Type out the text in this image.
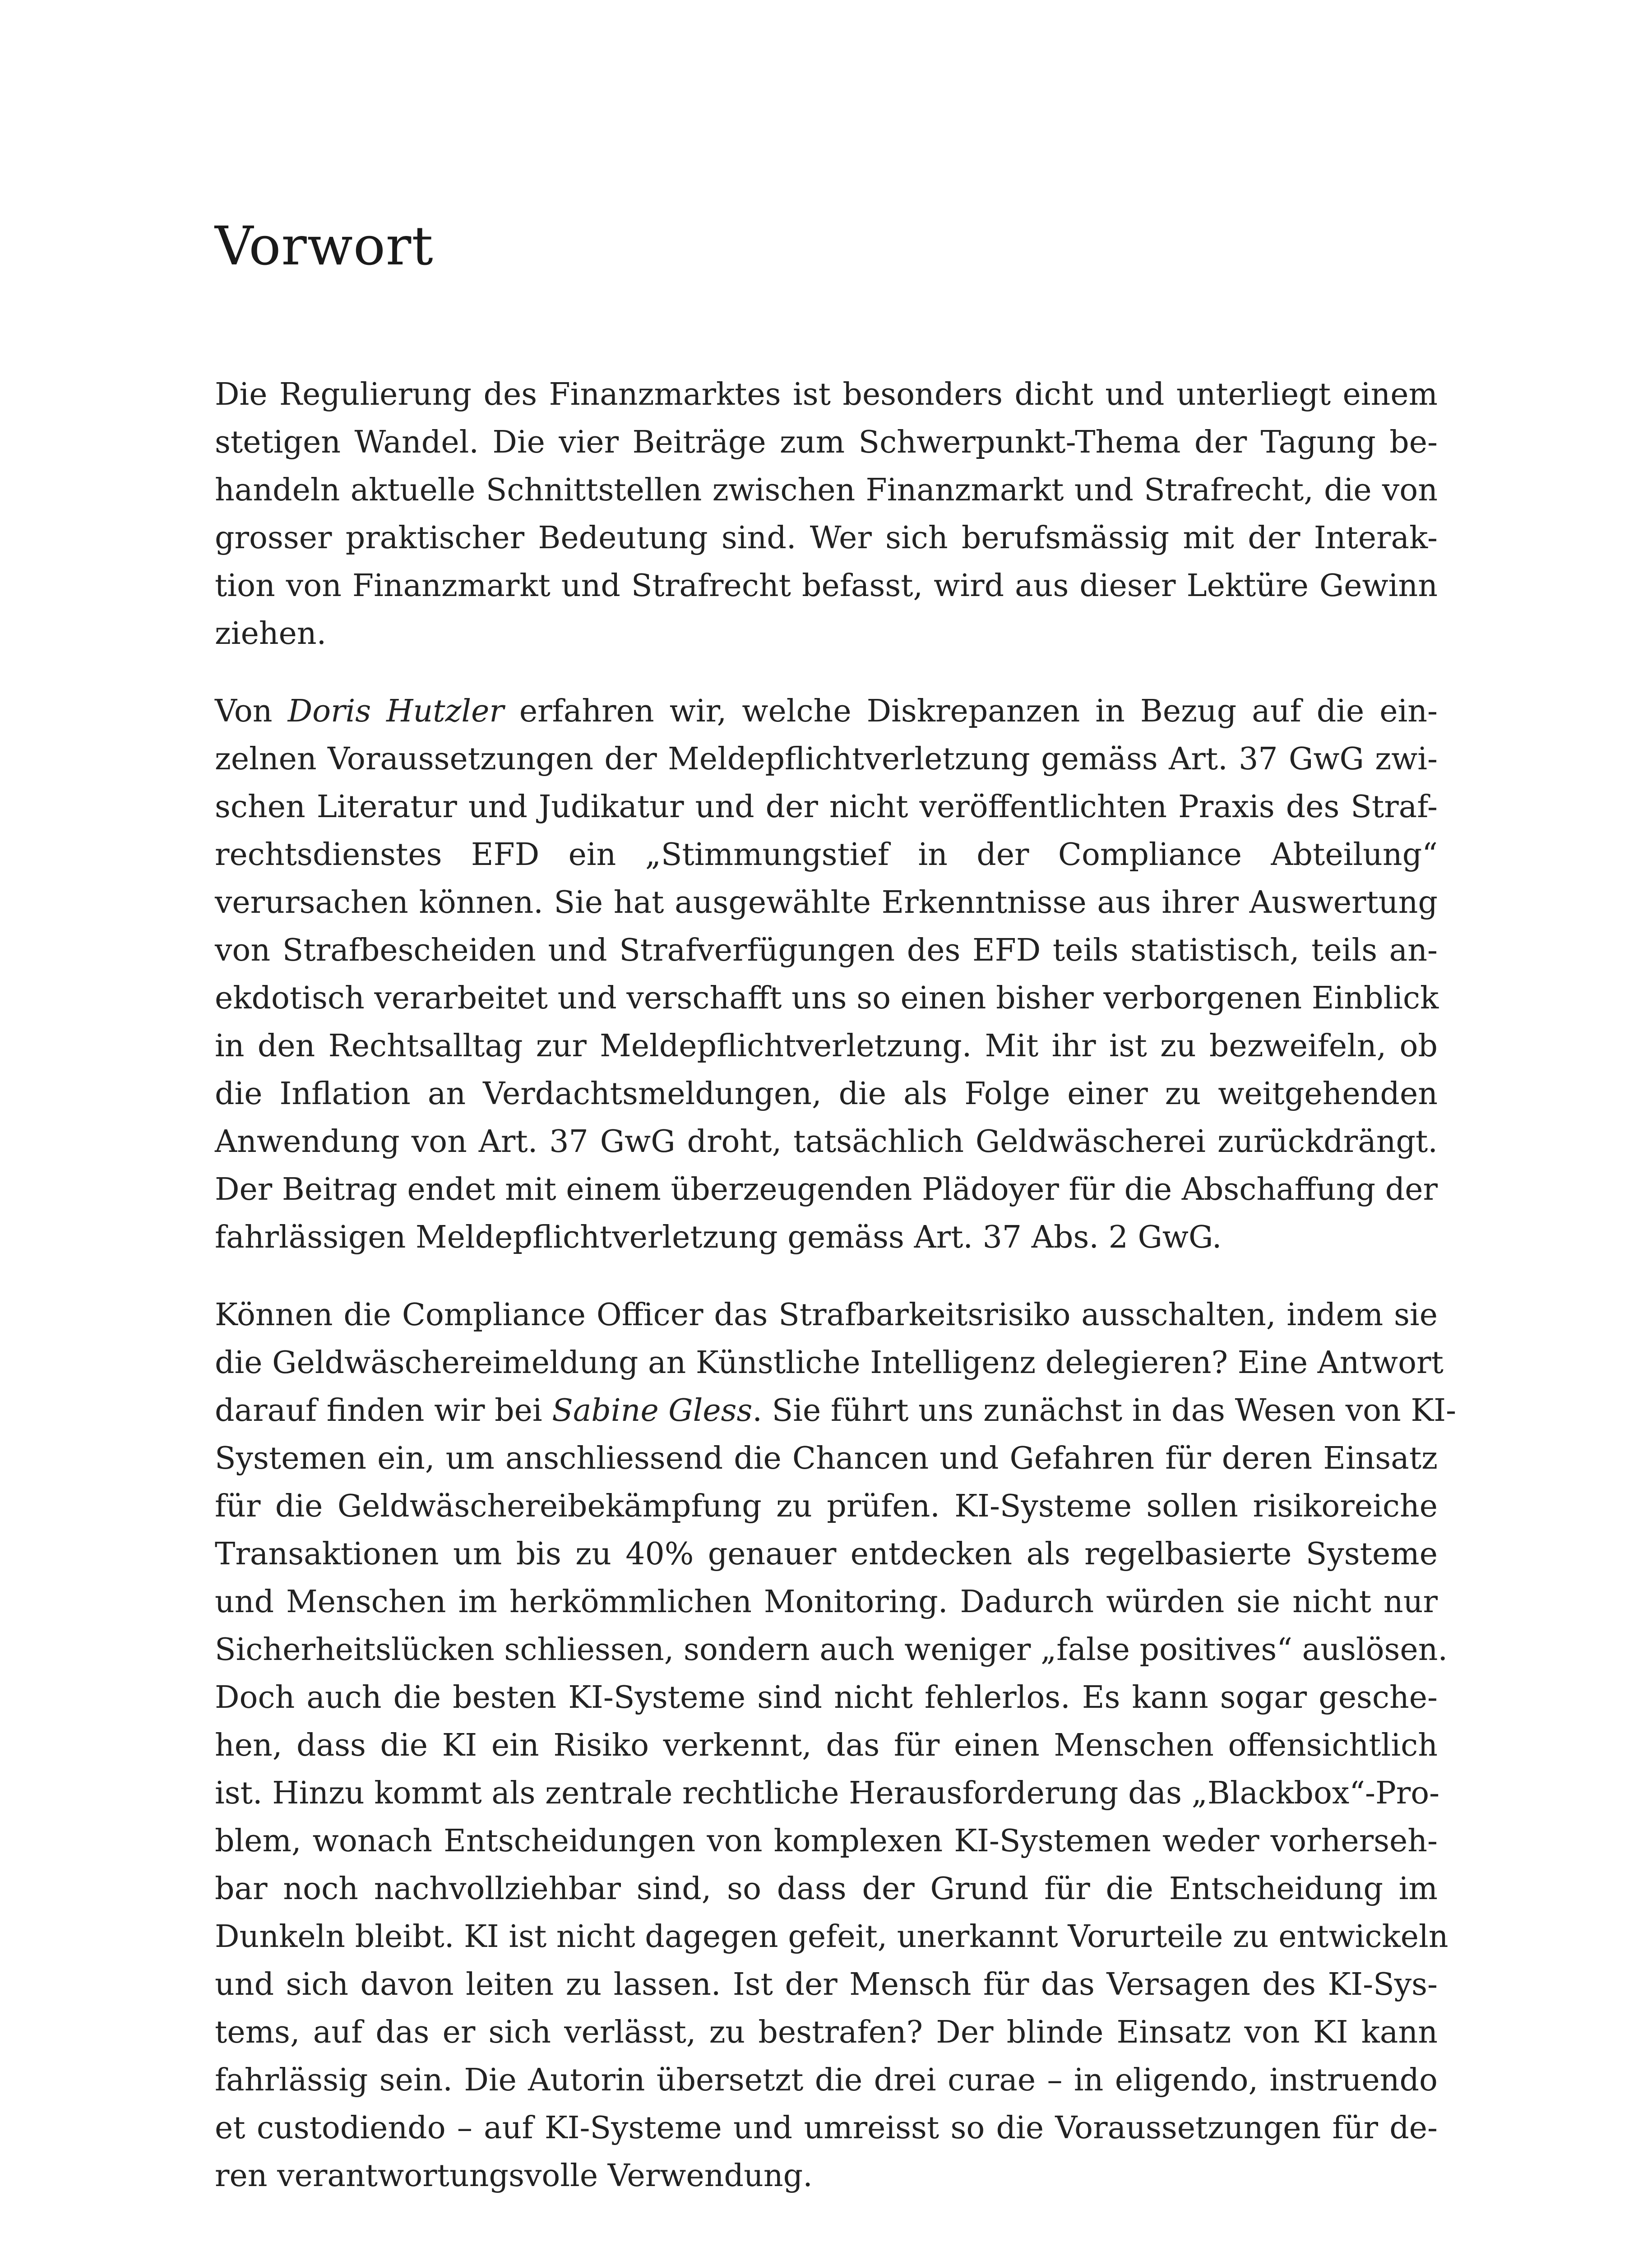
Vorwort
Die Regulierung des Finanzmarktes ist besonders dicht und unterliegt einem
stetigen Wandel. Die vier Beiträge zum Schwerpunkt-Thema der Tagung be-
handeln aktuelle Schnittstellen zwischen Finanzmarkt und Strafrecht, die von
grosser praktischer Bedeutung sind. Wer sich berufsmässig mit der Interak-
tion von Finanzmarkt und Strafrecht befasst, wird aus dieser Lektüre Gewinn
ziehen.
Von Doris Hutzler erfahren wir, welche Diskrepanzen in Bezug auf die ein-
zelnen Voraussetzungen der Meldepflichtverletzung gemäss Art. 37 GwG zwi-
schen Literatur und Judikatur und der nicht veröffentlichten Praxis des Straf-
rechtsdienstes EFD ein „Stimmungstief in der Compliance Abteilung“
verursachen können. Sie hat ausgewählte Erkenntnisse aus ihrer Auswertung
von Strafbescheiden und Strafverfügungen des EFD teils statistisch, teils an-
ekdotisch verarbeitet und verschafft uns so einen bisher verborgenen Einblick
in den Rechtsalltag zur Meldepflichtverletzung. Mit ihr ist zu bezweifeln, ob
die Inflation an Verdachtsmeldungen, die als Folge einer zu weitgehenden
Anwendung von Art. 37 GwG droht, tatsächlich Geldwäscherei zurückdrängt.
Der Beitrag endet mit einem überzeugenden Plädoyer für die Abschaffung der
fahrlässigen Meldepflichtverletzung gemäss Art. 37 Abs. 2 GwG.
Können die Compliance Officer das Strafbarkeitsrisiko ausschalten, indem sie
die Geldwäschereimeldung an Künstliche Intelligenz delegieren? Eine Antwort
darauf finden wir bei Sabine Gless. Sie führt uns zunächst in das Wesen von KI-
Systemen ein, um anschliessend die Chancen und Gefahren für deren Einsatz
für die Geldwäschereibekämpfung zu prüfen. KI-Systeme sollen risikoreiche
Transaktionen um bis zu 40% genauer entdecken als regelbasierte Systeme
und Menschen im herkömmlichen Monitoring. Dadurch würden sie nicht nur
Sicherheitslücken schliessen, sondern auch weniger „false positives“ auslösen.
Doch auch die besten KI-Systeme sind nicht fehlerlos. Es kann sogar gesche-
hen, dass die KI ein Risiko verkennt, das für einen Menschen offensichtlich
ist. Hinzu kommt als zentrale rechtliche Herausforderung das „Blackbox“-Pro-
blem, wonach Entscheidungen von komplexen KI-Systemen weder vorherseh-
bar noch nachvollziehbar sind, so dass der Grund für die Entscheidung im
Dunkeln bleibt. KI ist nicht dagegen gefeit, unerkannt Vorurteile zu entwickeln
und sich davon leiten zu lassen. Ist der Mensch für das Versagen des KI-Sys-
tems, auf das er sich verlässt, zu bestrafen? Der blinde Einsatz von KI kann
fahrlässig sein. Die Autorin übersetzt die drei curae – in eligendo, instruendo
et custodiendo – auf KI-Systeme und umreisst so die Voraussetzungen für de-
ren verantwortungsvolle Verwendung.
